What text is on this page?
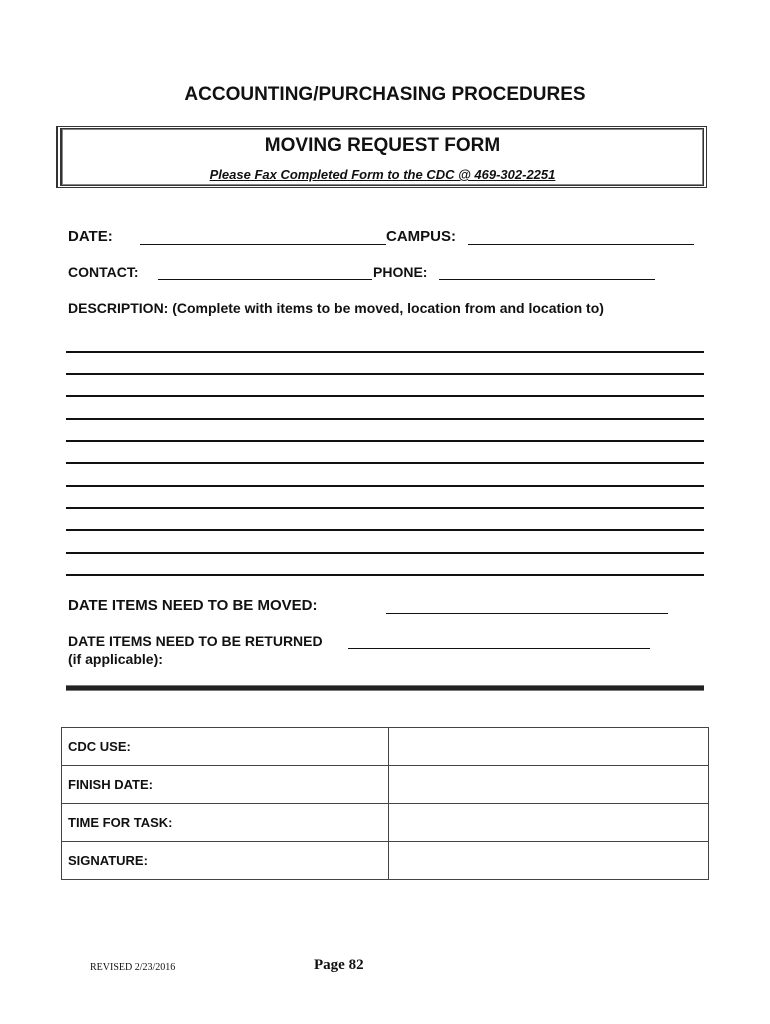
ACCOUNTING/PURCHASING PROCEDURES
MOVING REQUEST FORM
Please Fax Completed Form to the CDC @ 469-302-2251
DATE:	CAMPUS:
CONTACT:	PHONE:
DESCRIPTION: (Complete with items to be moved, location from and location to)
DATE ITEMS NEED TO BE MOVED:
DATE ITEMS NEED TO BE RETURNED
(if applicable):
CDC USE:	
FINISH DATE:	
TIME FOR TASK:	
SIGNATURE:	
REVISED 2/23/2016	Page 82
